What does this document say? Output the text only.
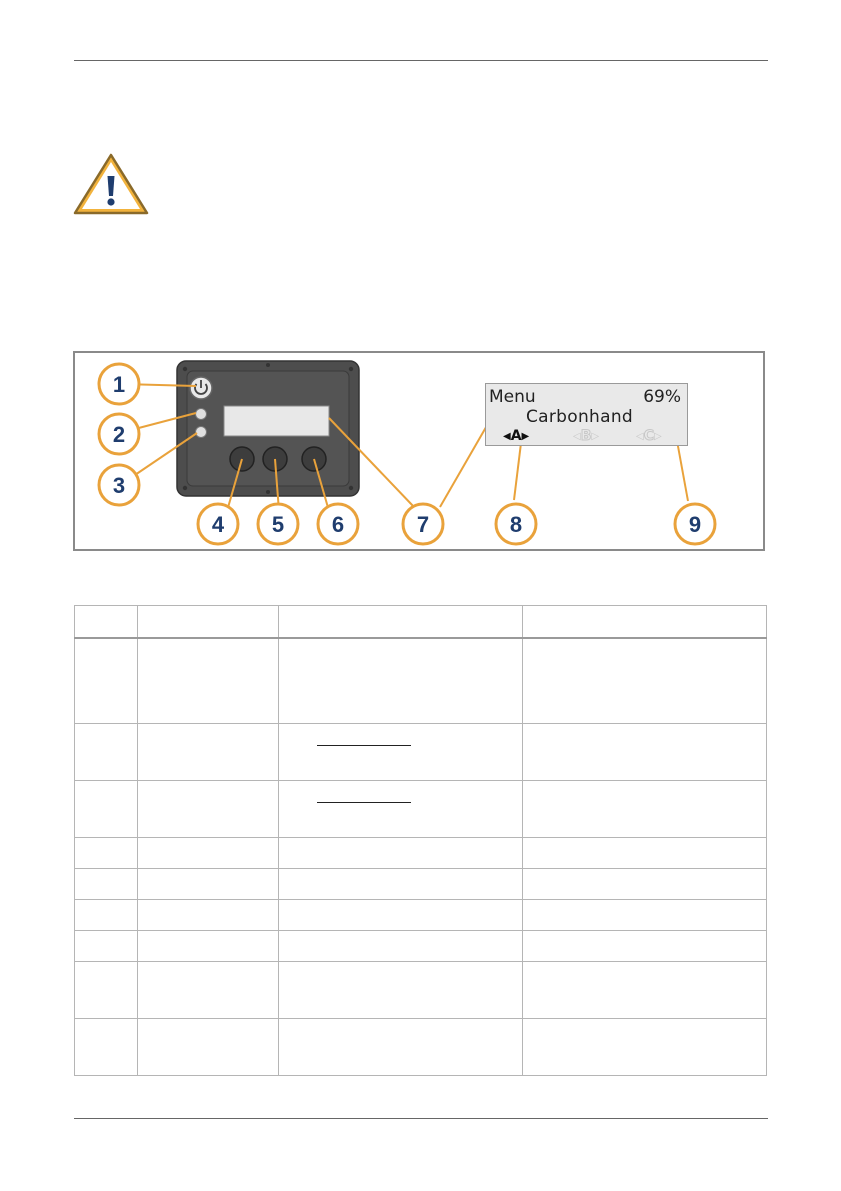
1
2
3
4 5 6	7	8	9
Menu	69%
Carbonhand
◀A▶	◁B▷	◁C▷
